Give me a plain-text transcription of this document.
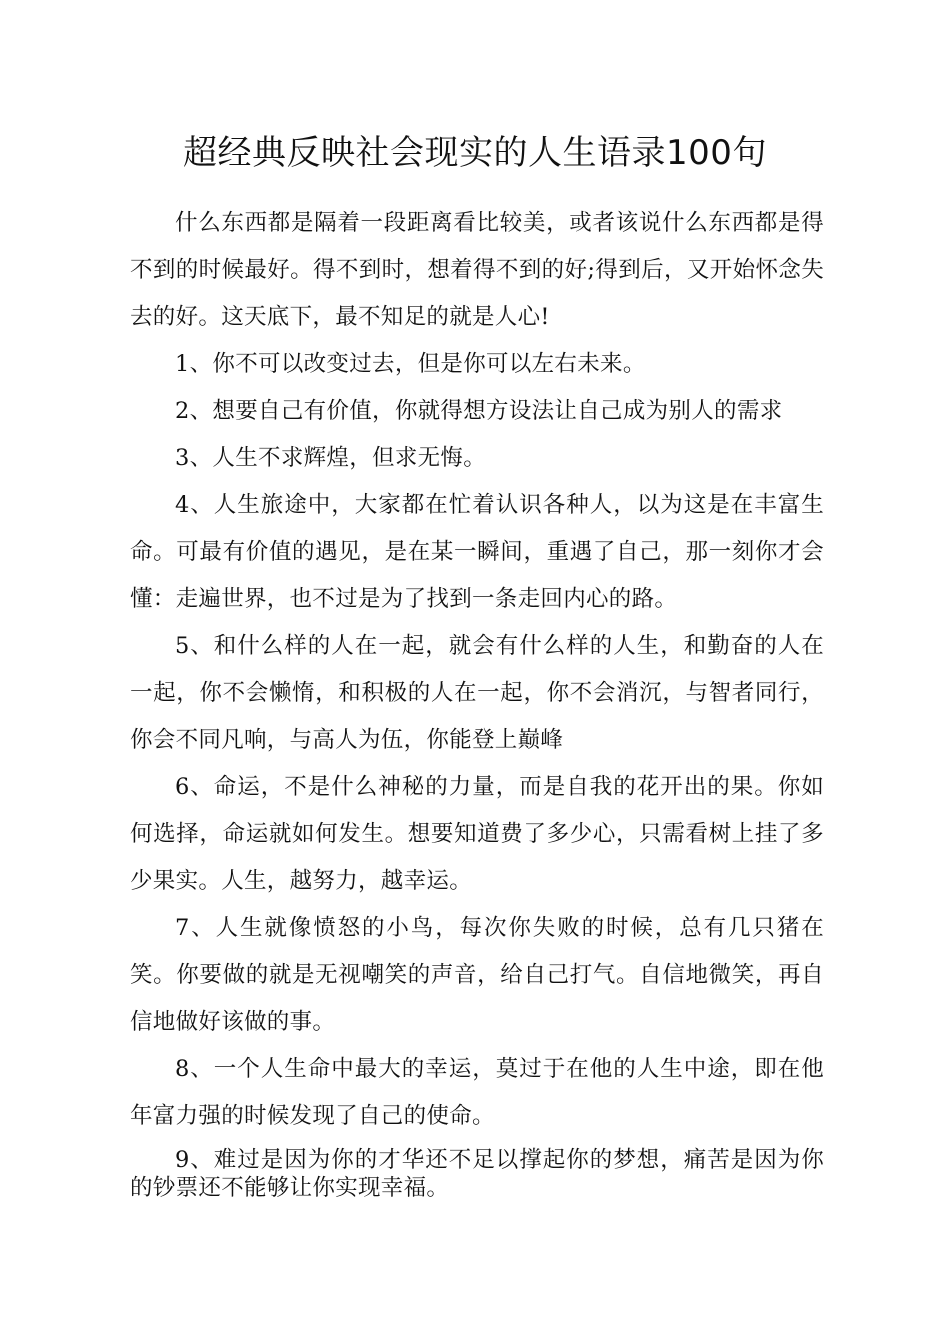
超经典反映社会现实的人生语录100句

什么东西都是隔着一段距离看比较美，或者该说什么东西都是得不到的时候最好。得不到时，想着得不到的好;得到后，又开始怀念失去的好。这天底下，最不知足的就是人心!

1、你不可以改变过去，但是你可以左右未来。

2、想要自己有价值，你就得想方设法让自己成为别人的需求

3、人生不求辉煌，但求无悔。

4、人生旅途中，大家都在忙着认识各种人，以为这是在丰富生命。可最有价值的遇见，是在某一瞬间，重遇了自己，那一刻你才会懂：走遍世界，也不过是为了找到一条走回内心的路。

5、和什么样的人在一起，就会有什么样的人生，和勤奋的人在一起，你不会懒惰，和积极的人在一起，你不会消沉，与智者同行，你会不同凡响，与高人为伍，你能登上巅峰

6、命运，不是什么神秘的力量，而是自我的花开出的果。你如何选择，命运就如何发生。想要知道费了多少心，只需看树上挂了多少果实。人生，越努力，越幸运。

7、人生就像愤怒的小鸟，每次你失败的时候，总有几只猪在笑。你要做的就是无视嘲笑的声音，给自己打气。自信地微笑，再自信地做好该做的事。

8、一个人生命中最大的幸运，莫过于在他的人生中途，即在他年富力强的时候发现了自己的使命。

9、难过是因为你的才华还不足以撑起你的梦想，痛苦是因为你的钞票还不能够让你实现幸福。
